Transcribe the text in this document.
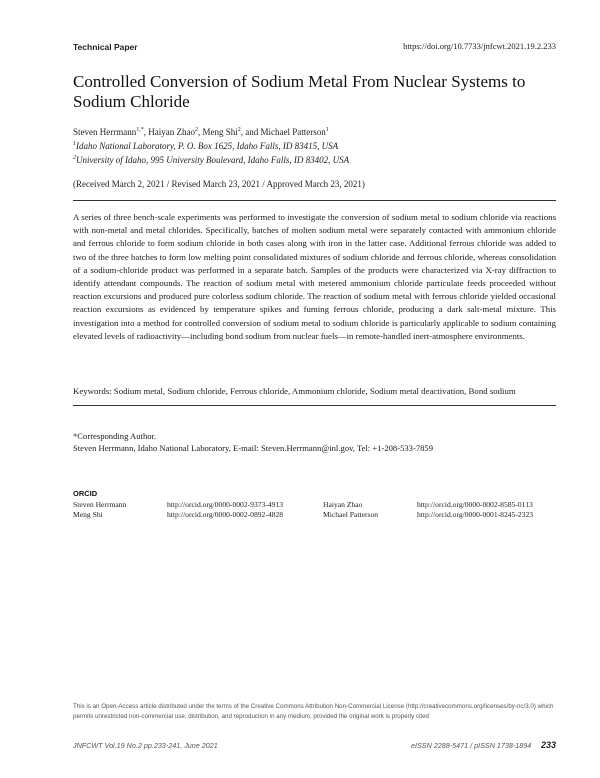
Technical Paper	https://doi.org/10.7733/jnfcwt.2021.19.2.233
Controlled Conversion of Sodium Metal From Nuclear Systems to Sodium Chloride
Steven Herrmann$^{1,*}$, Haiyan Zhao$^2$, Meng Shi$^2$, and Michael Patterson$^1$
$^1$Idaho National Laboratory, P. O. Box 1625, Idaho Falls, ID 83415, USA
$^2$University of Idaho, 995 University Boulevard, Idaho Falls, ID 83402, USA
(Received March 2, 2021 / Revised March 23, 2021 / Approved March 23, 2021)
A series of three bench-scale experiments was performed to investigate the conversion of sodium metal to sodium chloride via reactions with non-metal and metal chlorides. Specifically, batches of molten sodium metal were separately contacted with ammonium chloride and ferrous chloride to form sodium chloride in both cases along with iron in the latter case. Additional ferrous chloride was added to two of the three batches to form low melting point consolidated mixtures of sodium chloride and ferrous chloride, whereas consolidation of a sodium-chloride product was performed in a separate batch. Samples of the products were characterized via X-ray diffraction to identify attendant compounds. The reaction of sodium metal with metered ammonium chloride particulate feeds proceeded without reaction excursions and produced pure colorless sodium chloride. The reaction of sodium metal with ferrous chloride yielded occasional reaction excursions as evidenced by temperature spikes and fuming ferrous chloride, producing a dark salt-metal mixture. This investigation into a method for controlled conversion of sodium metal to sodium chloride is particularly applicable to sodium containing elevated levels of radioactivity—including bond sodium from nuclear fuels—in remote-handled inert-atmosphere environments.
Keywords: Sodium metal, Sodium chloride, Ferrous chloride, Ammonium chloride, Sodium metal deactivation, Bond sodium
*Corresponding Author.
Steven Herrmann, Idaho National Laboratory, E-mail: Steven.Herrmann@inl.gov, Tel: +1-208-533-7859
ORCID
Steven Herrmann	http://orcid.org/0000-0002-9373-4913	Haiyan Zhao	http://orcid.org/0000-0002-8585-0113
Meng Shi	http://orcid.org/0000-0002-0892-4828	Michael Patterson	http://orcid.org/0000-0001-8245-2323
This is an Open-Access article distributed under the terms of the Creative Commons Attribution Non-Commercial License (http://creativecommons.org/licenses/by-nc/3.0) which permits unrestricted non-commercial use, distribution, and reproduction in any medium, provided the original work is properly cited
JNFCWT Vol.19 No.2 pp.233-241, June 2021	eISSN 2288-5471 / pISSN 1738-1894 233
